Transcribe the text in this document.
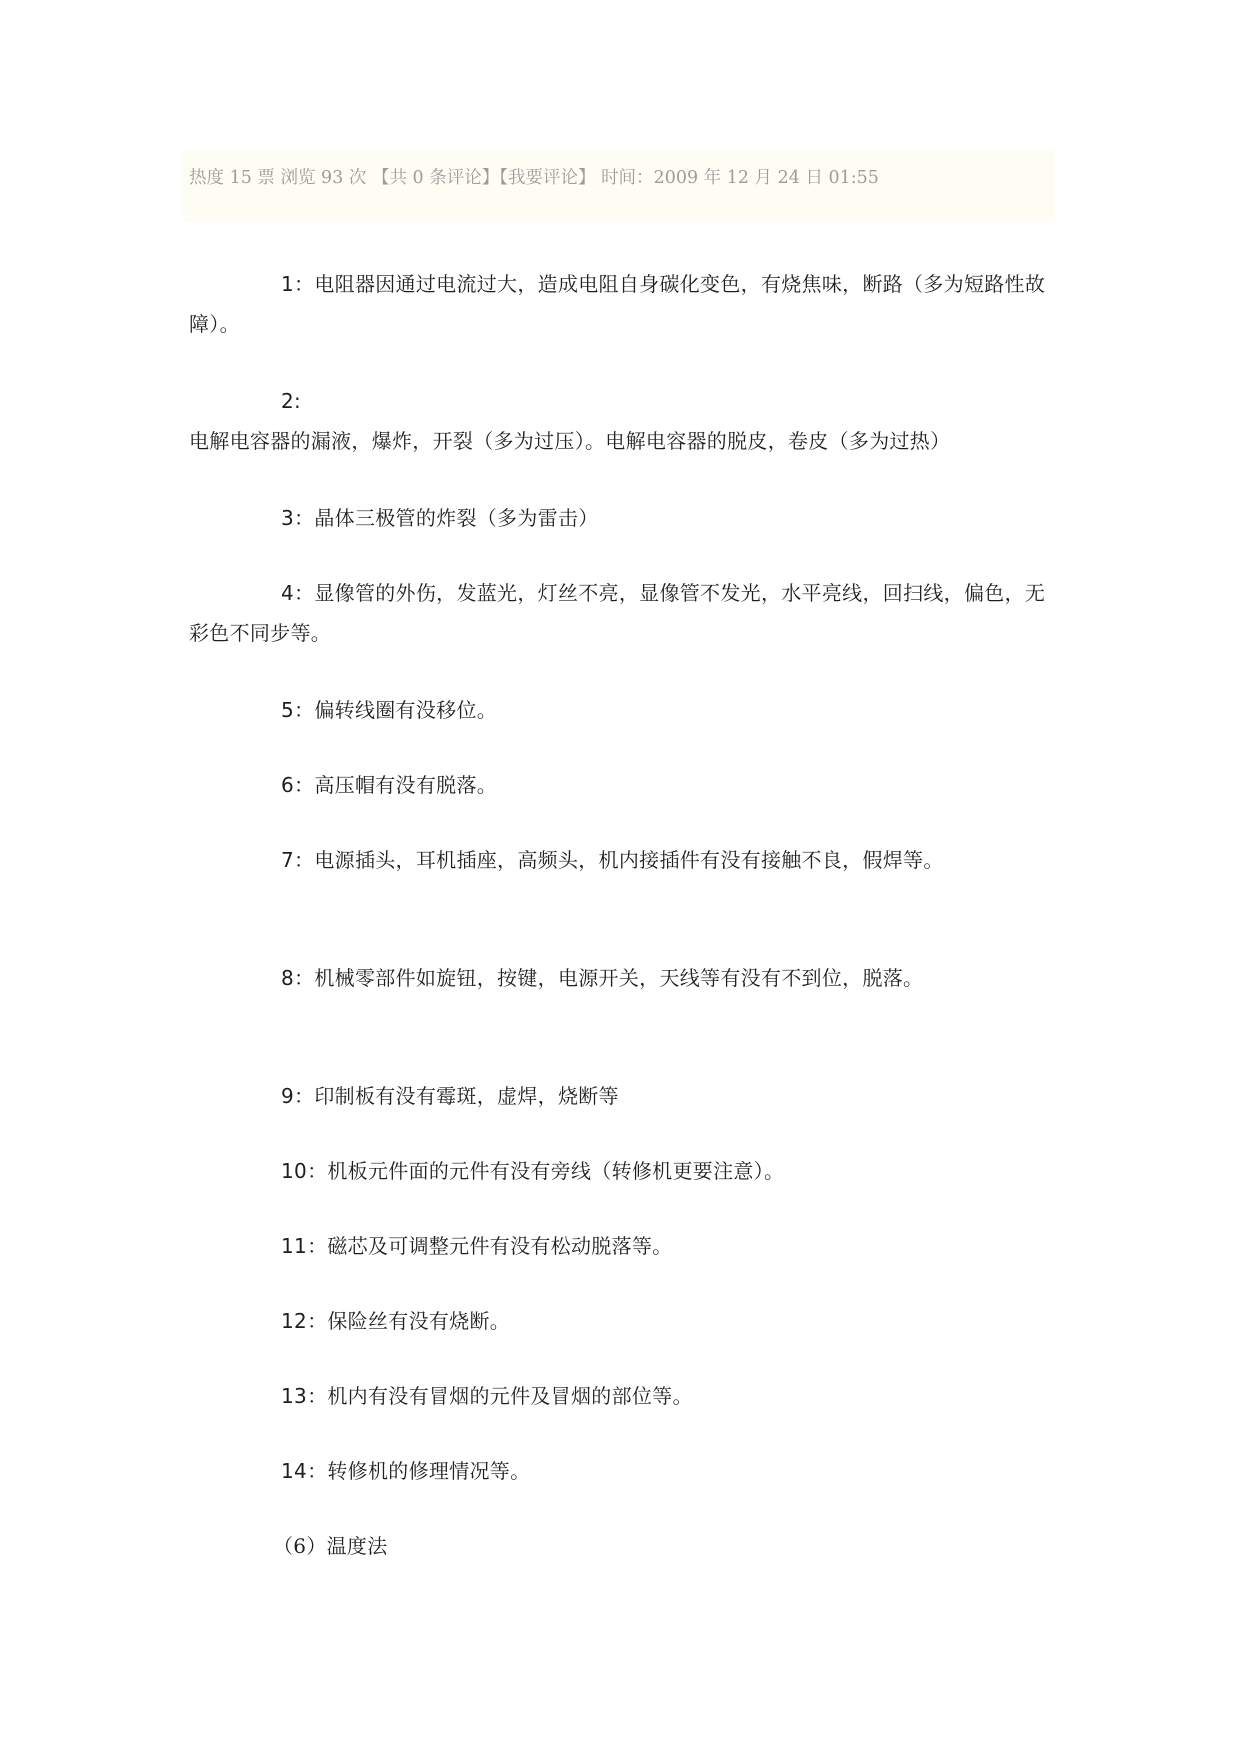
热度 15 票 浏览 93 次 【共 0 条评论】【我要评论】 时间：2009 年 12 月 24 日 01:55

1：电阻器因通过电流过大，造成电阻自身碳化变色，有烧焦味，断路（多为短路性故障）。

2:电解电容器的漏液，爆炸，开裂（多为过压）。电解电容器的脱皮，卷皮（多为过热）

3：晶体三极管的炸裂（多为雷击）

4：显像管的外伤，发蓝光，灯丝不亮，显像管不发光，水平亮线，回扫线，偏色，无彩色不同步等。

5：偏转线圈有没移位。

6：高压帽有没有脱落。

7：电源插头，耳机插座，高频头，机内接插件有没有接触不良，假焊等。

8：机械零部件如旋钮，按键，电源开关，天线等有没有不到位，脱落。

9：印制板有没有霉斑，虚焊，烧断等

10：机板元件面的元件有没有旁线（转修机更要注意）。

11：磁芯及可调整元件有没有松动脱落等。

12：保险丝有没有烧断。

13：机内有没有冒烟的元件及冒烟的部位等。

14：转修机的修理情况等。

（6）温度法
